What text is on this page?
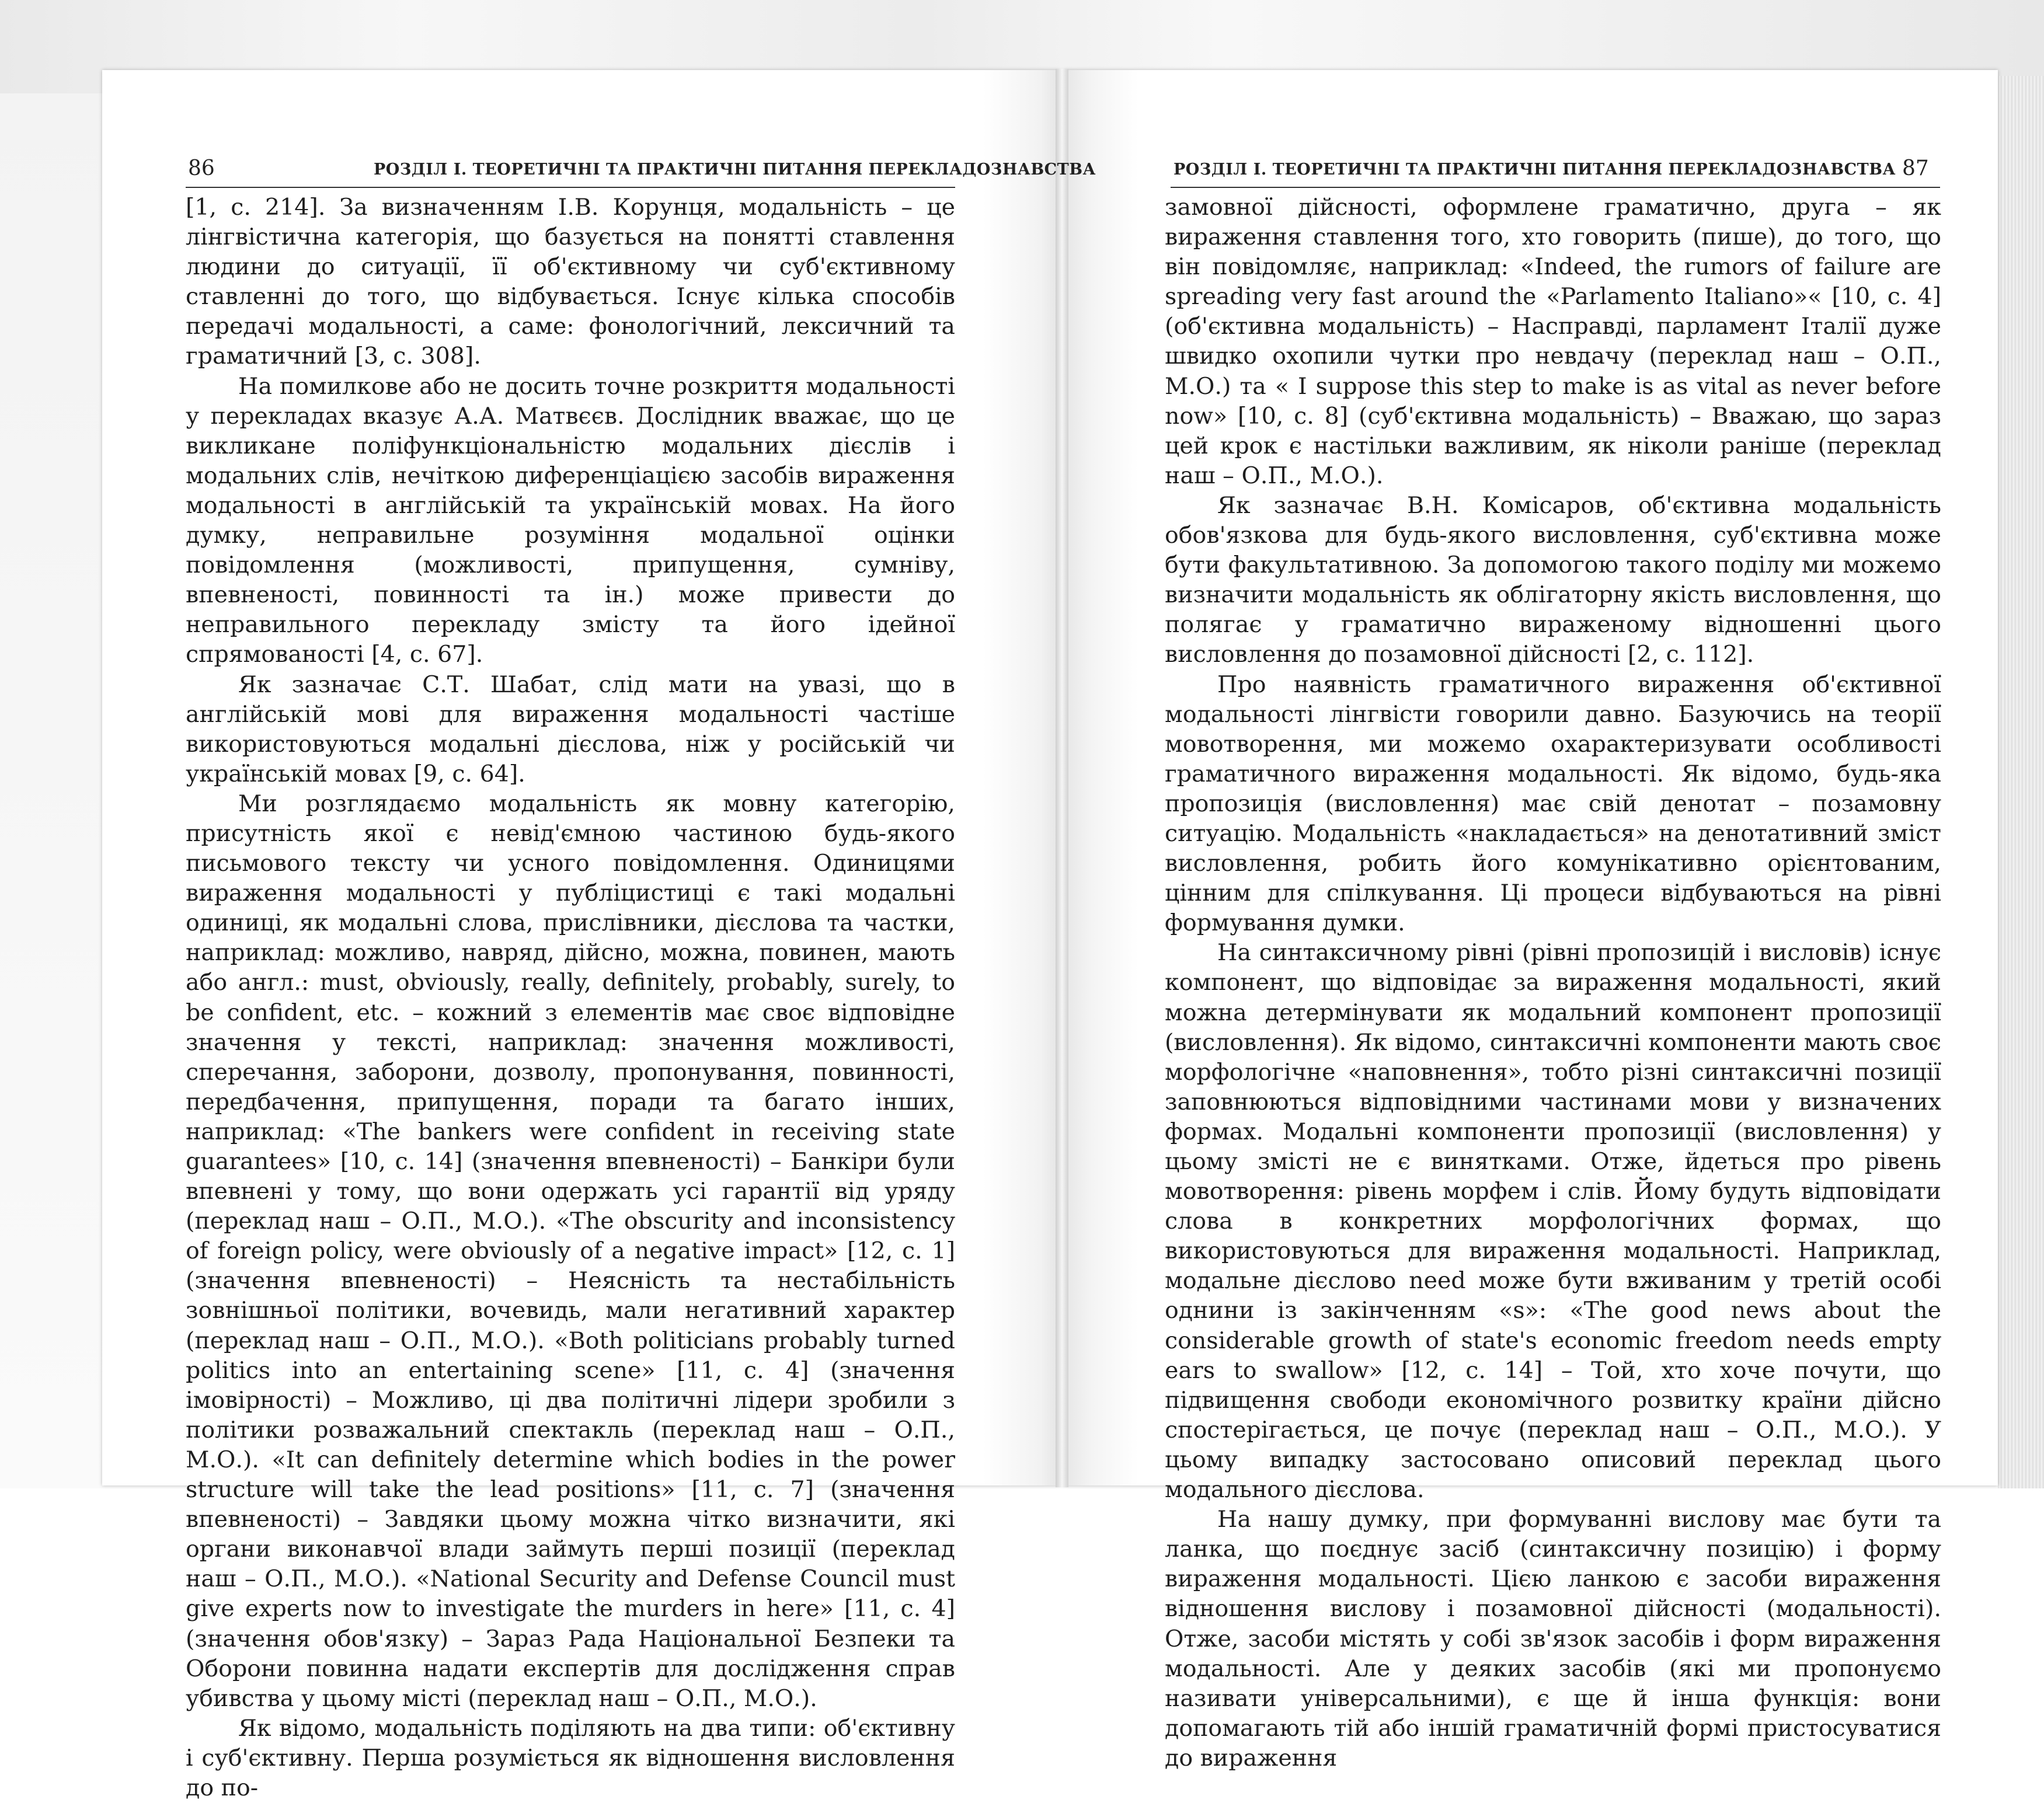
86	РОЗДІЛ І. ТЕОРЕТИЧНІ ТА ПРАКТИЧНІ ПИТАННЯ ПЕРЕКЛАДОЗНАВСТВА	РОЗДІЛ І. ТЕОРЕТИЧНІ ТА ПРАКТИЧНІ ПИТАННЯ ПЕРЕКЛАДОЗНАВСТВА 87

[1, с. 214]. За визначенням І.В. Корунця, модальність – це лінгвістична категорія, що базується на понятті ставлення людини до ситуації, її об'єктивному чи суб'єктивному ставленні до того, що відбувається. Існує кілька способів передачі модальності, а саме: фонологічний, лексичний та граматичний [3, с. 308].

На помилкове або не досить точне розкриття модальності у перекладах вказує А.А. Матвєєв. Дослідник вважає, що це викликане поліфункціональністю модальних дієслів і модальних слів, нечіткою диференціацією засобів вираження модальності в англійській та українській мовах. На його думку, неправильне розуміння модальної оцінки повідомлення (можливості, припущення, сумніву, впевненості, повинності та ін.) може привести до неправильного перекладу змісту та його ідейної спрямованості [4, с. 67].

Як зазначає С.Т. Шабат, слід мати на увазі, що в англійській мові для вираження модальності частіше використовуються модальні дієслова, ніж у російській чи українській мовах [9, с. 64].

Ми розглядаємо модальність як мовну категорію, присутність якої є невід'ємною частиною будь-якого письмового тексту чи усного повідомлення. Одиницями вираження модальності у публіцистиці є такі модальні одиниці, як модальні слова, прислівники, дієслова та частки, наприклад: можливо, навряд, дійсно, можна, повинен, мають або англ.: must, obviously, really, definitely, probably, surely, to be confident, etc. – кожний з елементів має своє відповідне значення у тексті, наприклад: значення можливості, сперечання, заборони, дозволу, пропонування, повинності, передбачення, припущення, поради та багато інших, наприклад: «The bankers were confident in receiving state guarantees» [10, с. 14] (значення впевненості) – Банкіри були впевнені у тому, що вони одержать усі гарантії від уряду (переклад наш – О.П., М.О.). «The obscurity and inconsistency of foreign policy, were obviously of a negative impact» [12, с. 1] (значення впевненості) – Неясність та нестабільність зовнішньої політики, вочевидь, мали негативний характер (переклад наш – О.П., М.О.). «Both politicians probably turned politics into an entertaining scene» [11, с. 4] (значення імовірності) – Можливо, ці два політичні лідери зробили з політики розважальний спектакль (переклад наш – О.П., М.О.). «It can definitely determine which bodies in the power structure will take the lead positions» [11, с. 7] (значення впевненості) – Завдяки цьому можна чітко визначити, які органи виконавчої влади займуть перші позиції (переклад наш – О.П., М.О.). «National Security and Defense Council must give experts now to investigate the murders in here» [11, с. 4] (значення обов'язку) – Зараз Рада Національної Безпеки та Оборони повинна надати експертів для дослідження справ убивства у цьому місті (переклад наш – О.П., М.О.).

Як відомо, модальність поділяють на два типи: об'єктивну і суб'єктивну. Перша розуміється як відношення висловлення до по-

замовної дійсності, оформлене граматично, друга – як вираження ставлення того, хто говорить (пише), до того, що він повідомляє, наприклад: «Indeed, the rumors of failure are spreading very fast around the «Parlamento Italiano»« [10, с. 4] (об'єктивна модальність) – Насправді, парламент Італії дуже швидко охопили чутки про невдачу (переклад наш – О.П., М.О.) та « I suppose this step to make is as vital as never before now» [10, с. 8] (суб'єктивна модальність) – Вважаю, що зараз цей крок є настільки важливим, як ніколи раніше (переклад наш – О.П., М.О.).

Як зазначає В.Н. Комісаров, об'єктивна модальність обов'язкова для будь-якого висловлення, суб'єктивна може бути факультативною. За допомогою такого поділу ми можемо визначити модальність як облігаторну якість висловлення, що полягає у граматично вираженому відношенні цього висловлення до позамовної дійсності [2, с. 112].

Про наявність граматичного вираження об'єктивної модальності лінгвісти говорили давно. Базуючись на теорії мовотворення, ми можемо охарактеризувати особливості граматичного вираження модальності. Як відомо, будь-яка пропозиція (висловлення) має свій денотат – позамовну ситуацію. Модальність «накладається» на денотативний зміст висловлення, робить його комунікативно орієнтованим, цінним для спілкування. Ці процеси відбуваються на рівні формування думки.

На синтаксичному рівні (рівні пропозицій і висловів) існує компонент, що відповідає за вираження модальності, який можна детермінувати як модальний компонент пропозиції (висловлення). Як відомо, синтаксичні компоненти мають своє морфологічне «наповнення», тобто різні синтаксичні позиції заповнюються відповідними частинами мови у визначених формах. Модальні компоненти пропозиції (висловлення) у цьому змісті не є винятками. Отже, йдеться про рівень мовотворення: рівень морфем і слів. Йому будуть відповідати слова в конкретних морфологічних формах, що використовуються для вираження модальності. Наприклад, модальне дієслово need може бути вживаним у третій особі однини із закінченням «s»: «The good news about the considerable growth of state's economic freedom needs empty ears to swallow» [12, с. 14] – Той, хто хоче почути, що підвищення свободи економічного розвитку країни дійсно спостерігається, це почує (переклад наш – О.П., М.О.). У цьому випадку застосовано описовий переклад цього модального дієслова.

На нашу думку, при формуванні вислову має бути та ланка, що поєднує засіб (синтаксичну позицію) і форму вираження модальності. Цією ланкою є засоби вираження відношення вислову і позамовної дійсності (модальності). Отже, засоби містять у собі зв'язок засобів і форм вираження модальності. Але у деяких засобів (які ми пропонуємо називати універсальними), є ще й інша функція: вони допомагають тій або іншій граматичній формі пристосуватися до вираження
